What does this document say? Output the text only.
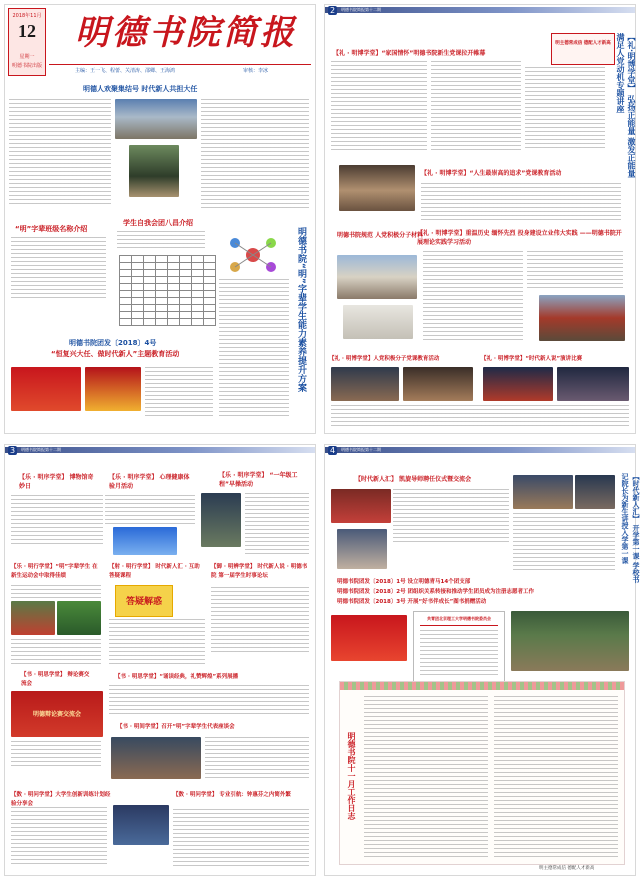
2018年11月
12
星期一
明德书院出版
明德书院简报
主编：王一飞、程蕾、关清涛、邵卿、王海鸿	审核：李冰
明德人欢聚集结号 时代新人共担大任
“明”字辈班级名称介绍
学生自我会团八昌介绍

明德书院“明”字辈学生能力素养提升方案
明德书院团发〔2018〕4号
“恒复兴大任、做时代新人”主题教育活动
2	明德书院简报第十二期
【礼 · 明博学堂】“家国情怀”明德书院新生党课拉开帷幕
明主德常成信 德配人才新高	【礼·明博学堂】 弘扬正能量 激发正能量 满足人党动机专题讲座
【礼 · 明博学堂】“人生最崇高的追求”党课教育活动
明德书院规范 人党积极分子材料
【礼 · 明博学堂】重温历史 缅怀先烈 投身建设立业伟大实践 ——明德书院开展理论实践学习活动
【礼 · 明博学堂】人党积极分子党课教育活动	【礼 · 明博学堂】“时代新人说”演讲比赛
3	明德书院简报第十二期
【乐 · 明序学堂】 博物馆奇妙日
【乐 · 明序学堂】 心理健康体验月活动
【乐 · 明序学堂】 “一年级工程”早操活动
【乐 · 明行学堂】“明”字辈学生 在新生运动会中取得佳绩
【射 · 明行学堂】 时代新人汇 · 互助答疑课程
【御 · 明辨学堂】 时代新人说 · 明德书院 第一届学生时事论坛
答疑解惑
【书 · 明思学堂】 辩论赛交流会
明德辩论赛交流会
【书 · 明思学堂】“诵读经典，礼赞辉煌”系列展播
【书 · 明间学堂】召开“明”字辈学生代表座谈会
【数 · 明问学堂】大学生创新训练计划经验分享会
【数 · 明问学堂】 专业引航：钟惠芬之内简外繁
4	明德书院简报第十二期
【时代新人汇】 凯旋导师聘任仪式暨交流会	【时代新人汇】 开学第一课 学校书记院长为新生讲授入学第一课
明德书院团发〔2018〕1号 设立明德青马14个团支部
明德书院团发〔2018〕2号 团组织关系转接和推动学生团员成为注册志愿者工作
明德书院团发〔2018〕3号 开展“好书伴成长”图书捐赠活动
共青团北京理工大学明德书院委员会
明德书院十一月工作日志
明主德常成信 德配人才新高
